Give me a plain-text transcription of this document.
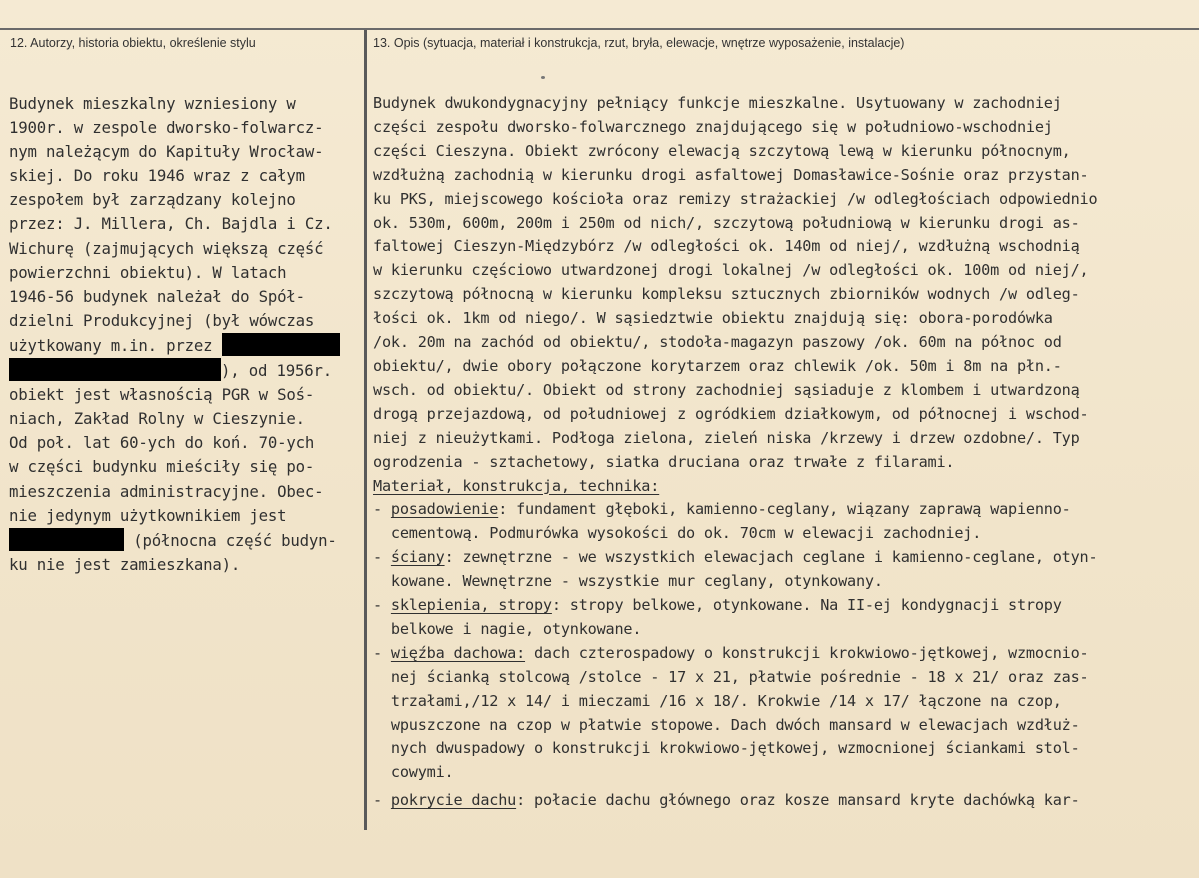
12. Autorzy, historia obiektu, określenie stylu	13. Opis (sytuacja, materiał i konstrukcja, rzut, bryła, elewacje, wnętrze wyposażenie, instalacje)
Budynek mieszkalny wzniesiony w
1900r. w zespole dworsko-folwarcz-
nym należącym do Kapituły Wrocław-
skiej. Do roku 1946 wraz z całym
zespołem był zarządzany kolejno
przez: J. Millera, Ch. Bajdla i Cz.
Wichurę (zajmujących większą część
powierzchni obiektu). W latach
1946-56 budynek należał do Spół-
dzielni Produkcyjnej (był wówczas
użytkowany m.in. przez
), od 1956r.
obiekt jest własnością PGR w Soś-
niach, Zakład Rolny w Cieszynie.
Od poł. lat 60-ych do koń. 70-ych
w części budynku mieściły się po-
mieszczenia administracyjne. Obec-
nie jedynym użytkownikiem jest
(północna część budyn-
ku nie jest zamieszkana).
Budynek dwukondygnacyjny pełniący funkcje mieszkalne. Usytuowany w zachodniej
części zespołu dworsko-folwarcznego znajdującego się w południowo-wschodniej
części Cieszyna. Obiekt zwrócony elewacją szczytową lewą w kierunku północnym,
wzdłużną zachodnią w kierunku drogi asfaltowej Domasławice-Sośnie oraz przystan-
ku PKS, miejscowego kościoła oraz remizy strażackiej /w odległościach odpowiednio
ok. 530m, 600m, 200m i 250m od nich/, szczytową południową w kierunku drogi as-
faltowej Cieszyn-Międzybórz /w odległości ok. 140m od niej/, wzdłużną wschodnią
w kierunku częściowo utwardzonej drogi lokalnej /w odległości ok. 100m od niej/,
szczytową północną w kierunku kompleksu sztucznych zbiorników wodnych /w odleg-
łości ok. 1km od niego/. W sąsiedztwie obiektu znajdują się: obora-porodówka
/ok. 20m na zachód od obiektu/, stodoła-magazyn paszowy /ok. 60m na północ od
obiektu/, dwie obory połączone korytarzem oraz chlewik /ok. 50m i 8m na płn.-
wsch. od obiektu/. Obiekt od strony zachodniej sąsiaduje z klombem i utwardzoną
drogą przejazdową, od południowej z ogródkiem działkowym, od północnej i wschod-
niej z nieużytkami. Podłoga zielona, zieleń niska /krzewy i drzew ozdobne/. Typ
ogrodzenia - sztachetowy, siatka druciana oraz trwałe z filarami.
Materiał, konstrukcja, technika:
- posadowienie: fundament głęboki, kamienno-ceglany, wiązany zaprawą wapienno-
cementową. Podmurówka wysokości do ok. 70cm w elewacji zachodniej.
- ściany: zewnętrzne - we wszystkich elewacjach ceglane i kamienno-ceglane, otyn-
kowane. Wewnętrzne - wszystkie mur ceglany, otynkowany.
- sklepienia, stropy: stropy belkowe, otynkowane. Na II-ej kondygnacji stropy
belkowe i nagie, otynkowane.
- więźba dachowa: dach czterospadowy o konstrukcji krokwiowo-jętkowej, wzmocnio-
nej ścianką stolcową /stolce - 17 x 21, płatwie pośrednie - 18 x 21/ oraz zas-
trzałami,/12 x 14/ i mieczami /16 x 18/. Krokwie /14 x 17/ łączone na czop,
wpuszczone na czop w płatwie stopowe. Dach dwóch mansard w elewacjach wzdłuż-
nych dwuspadowy o konstrukcji krokwiowo-jętkowej, wzmocnionej ściankami stol-
cowymi.
- pokrycie dachu: połacie dachu głównego oraz kosze mansard kryte dachówką kar-
